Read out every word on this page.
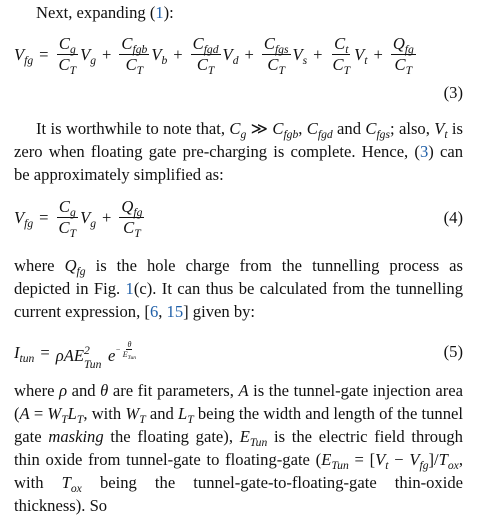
Next, expanding (1):

$V_{fg} = \frac{C_g}{C_T} V_g + \frac{C_{fgb}}{C_T} V_b + \frac{C_{fgd}}{C_T} V_d + \frac{C_{fgs}}{C_T} V_s + \frac{C_t}{C_T} V_t + \frac{Q_{fg}}{C_T}$
(3)

It is worthwhile to note that, $C_g$ ≫ $C_{fgb}$, $C_{fgd}$ and $C_{fgs}$; also, $V_t$ is zero when floating gate pre-charging is complete. Hence, (3) can be approximately simplified as:

$V_{fg} = \frac{C_g}{C_T} V_g + \frac{Q_{fg}}{C_T}$	(4)

where $Q_{fg}$ is the hole charge from the tunnelling process as depicted in Fig. 1(c). It can thus be calculated from the tunnelling current expression, [6, 15] given by:

$I_{tun} = \rho AE$ 2
Tun $e - \frac{\theta}{E_{Tun}}$	(5)

where ρ and θ are fit parameters, A is the tunnel-gate injection area ($A = W_TL_T$, with $W_T$ and $L_T$ being the width and length of the tunnel gate masking the floating gate), $E_{Tun}$ is the electric field through thin oxide from tunnel-gate to floating-gate ($E_{Tun} = [V_t - V_{fg}]/T_{ox}$, with $T_{ox}$ being the tunnel-gate-to-floating-gate thin-oxide thickness). So
